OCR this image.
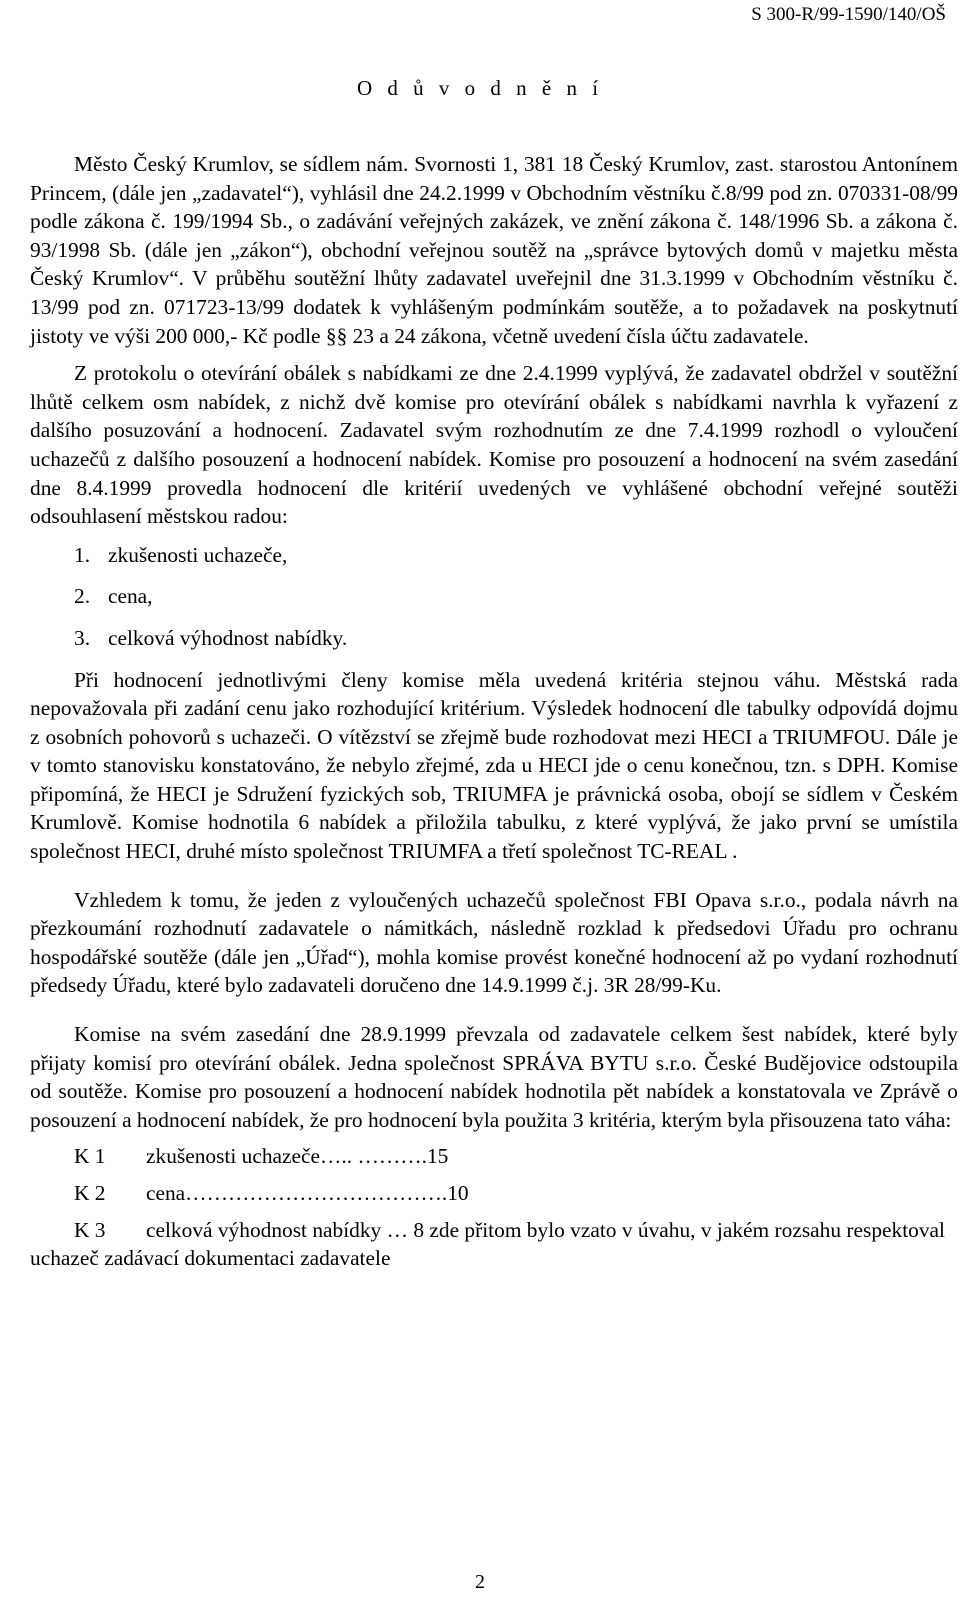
S 300-R/99-1590/140/OŠ
O d ů v o d n ě n í

Město Český Krumlov, se sídlem nám. Svornosti 1, 381 18 Český Krumlov, zast. starostou Antonínem Princem, (dále jen „zadavatel“), vyhlásil dne 24.2.1999 v Obchodním věstníku č.8/99 pod zn. 070331-08/99 podle zákona č. 199/1994 Sb., o zadávání veřejných zakázek, ve znění zákona č. 148/1996 Sb. a zákona č. 93/1998 Sb. (dále jen „zákon“), obchodní veřejnou soutěž na „správce bytových domů v majetku města Český Krumlov“. V průběhu soutěžní lhůty zadavatel uveřejnil dne 31.3.1999 v Obchodním věstníku č. 13/99 pod zn. 071723-13/99 dodatek k vyhlášeným podmínkám soutěže, a to požadavek na poskytnutí jistoty ve výši 200 000,- Kč podle §§ 23 a 24 zákona, včetně uvedení čísla účtu zadavatele.

Z protokolu o otevírání obálek s nabídkami ze dne 2.4.1999 vyplývá, že zadavatel obdržel v soutěžní lhůtě celkem osm nabídek, z nichž dvě komise pro otevírání obálek s nabídkami navrhla k vyřazení z dalšího posuzování a hodnocení. Zadavatel svým rozhodnutím ze dne 7.4.1999 rozhodl o vyloučení uchazečů z dalšího posouzení a hodnocení nabídek. Komise pro posouzení a hodnocení na svém zasedání dne 8.4.1999 provedla hodnocení dle kritérií uvedených ve vyhlášené obchodní veřejné soutěži odsouhlasení městskou radou:

1. zkušenosti uchazeče,
2. cena,
3. celková výhodnost nabídky.

Při hodnocení jednotlivými členy komise měla uvedená kritéria stejnou váhu. Městská rada nepovažovala při zadání cenu jako rozhodující kritérium. Výsledek hodnocení dle tabulky odpovídá dojmu z osobních pohovorů s uchazeči. O vítězství se zřejmě bude rozhodovat mezi HECI a TRIUMFOU. Dále je v tomto stanovisku konstatováno, že nebylo zřejmé, zda u HECI jde o cenu konečnou, tzn. s DPH. Komise připomíná, že HECI je Sdružení fyzických sob, TRIUMFA je právnická osoba, obojí se sídlem v Českém Krumlově. Komise hodnotila 6 nabídek a přiložila tabulku, z které vyplývá, že jako první se umístila společnost HECI, druhé místo společnost TRIUMFA a třetí společnost TC-REAL .

Vzhledem k tomu, že jeden z vyloučených uchazečů společnost FBI Opava s.r.o., podala návrh na přezkoumání rozhodnutí zadavatele o námitkách, následně rozklad k předsedovi Úřadu pro ochranu hospodářské soutěže (dále jen „Úřad“), mohla komise provést konečné hodnocení až po vydaní rozhodnutí předsedy Úřadu, které bylo zadavateli doručeno dne 14.9.1999 č.j. 3R 28/99-Ku.

Komise na svém zasedání dne 28.9.1999 převzala od zadavatele celkem šest nabídek, které byly přijaty komisí pro otevírání obálek. Jedna společnost SPRÁVA BYTU s.r.o. České Budějovice odstoupila od soutěže. Komise pro posouzení a hodnocení nabídek hodnotila pět nabídek a konstatovala ve Zprávě o posouzení a hodnocení nabídek, že pro hodnocení byla použita 3 kritéria, kterým byla přisouzena tato váha:

K 1 zkušenosti uchazeče….. ……….15
K 2 cena……………………………….10
K 3 celková výhodnost nabídky … 8 zde přitom bylo vzato v úvahu, v jakém rozsahu respektoval uchazeč zadávací dokumentaci zadavatele
2
